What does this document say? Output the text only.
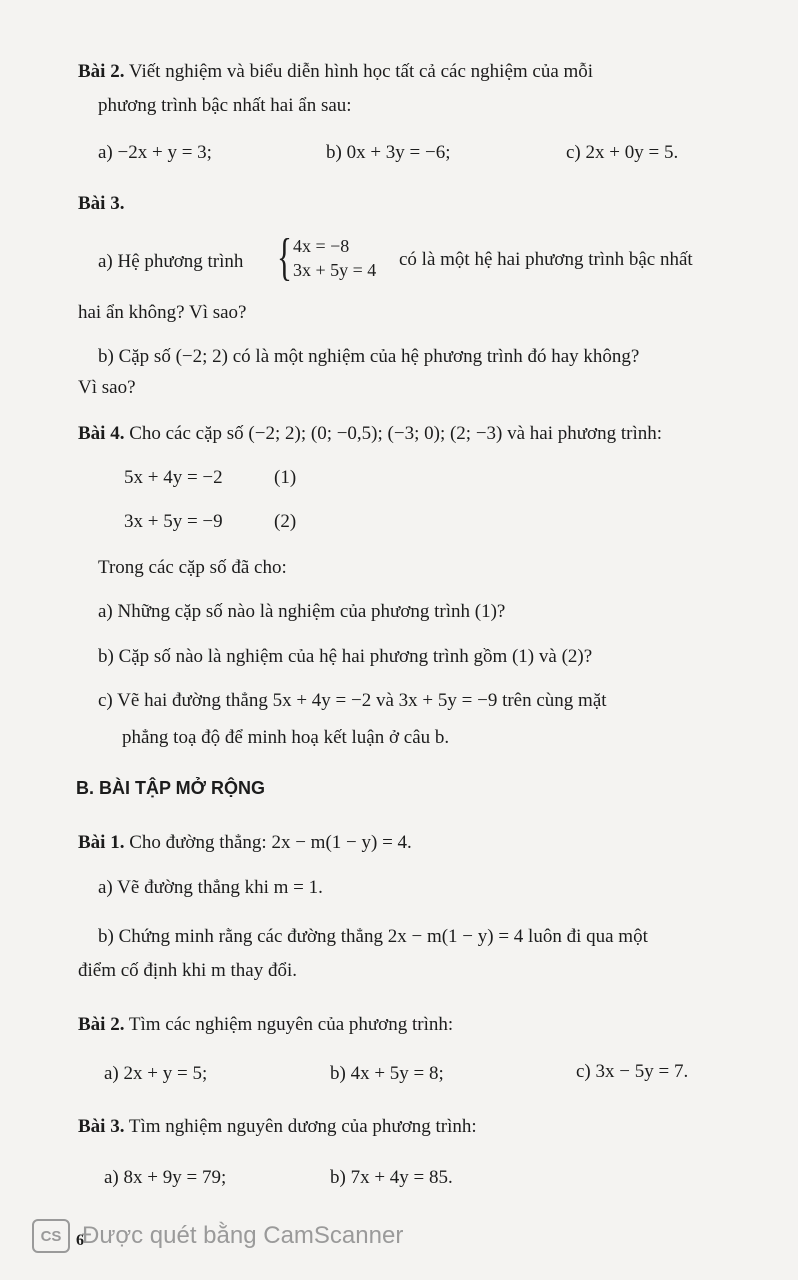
Bài 2. Viết nghiệm và biểu diễn hình học tất cả các nghiệm của mỗi
phương trình bậc nhất hai ẩn sau:
a) −2x + y = 3;	b) 0x + 3y = −6;	c) 2x + 0y = 5.
Bài 3.
a) Hệ phương trình { 4x = −8
3x + 5y = 4 có là một hệ hai phương trình bậc nhất
hai ẩn không? Vì sao?
b) Cặp số (−2; 2) có là một nghiệm của hệ phương trình đó hay không?
Vì sao?
Bài 4. Cho các cặp số (−2; 2); (0; −0,5); (−3; 0); (2; −3) và hai phương trình:
5x + 4y = −2	(1)
3x + 5y = −9	(2)
Trong các cặp số đã cho:
a) Những cặp số nào là nghiệm của phương trình (1)?
b) Cặp số nào là nghiệm của hệ hai phương trình gồm (1) và (2)?
c) Vẽ hai đường thẳng 5x + 4y = −2 và 3x + 5y = −9 trên cùng mặt
phẳng toạ độ để minh hoạ kết luận ở câu b.
B. BÀI TẬP MỞ RỘNG
Bài 1. Cho đường thẳng: 2x − m(1 − y) = 4.
a) Vẽ đường thẳng khi m = 1.
b) Chứng minh rằng các đường thẳng 2x − m(1 − y) = 4 luôn đi qua một
điểm cố định khi m thay đổi.
Bài 2. Tìm các nghiệm nguyên của phương trình:
a) 2x + y = 5;	b) 4x + 5y = 8;	c) 3x − 5y = 7.
Bài 3. Tìm nghiệm nguyên dương của phương trình:
a) 8x + 9y = 79;	b) 7x + 4y = 85.
CS Được quét bằng CamScanner
6
